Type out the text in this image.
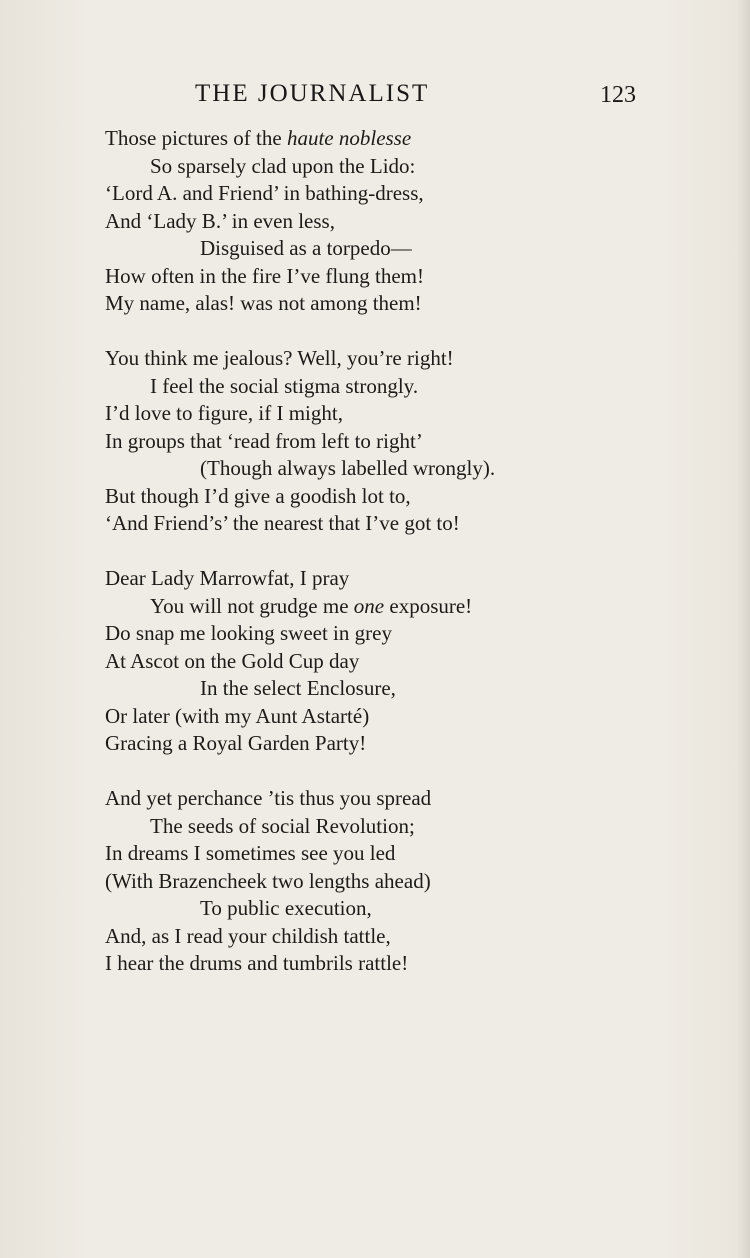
THE JOURNALIST	123
Those pictures of the haute noblesse
So sparsely clad upon the Lido:
‘Lord A. and Friend’ in bathing-dress,
And ‘Lady B.’ in even less,
Disguised as a torpedo—
How often in the fire I’ve flung them!
My name, alas! was not among them!
You think me jealous? Well, you’re right!
I feel the social stigma strongly.
I’d love to figure, if I might,
In groups that ‘read from left to right’
(Though always labelled wrongly).
But though I’d give a goodish lot to,
‘And Friend’s’ the nearest that I’ve got to!
Dear Lady Marrowfat, I pray
You will not grudge me one exposure!
Do snap me looking sweet in grey
At Ascot on the Gold Cup day
In the select Enclosure,
Or later (with my Aunt Astarté)
Gracing a Royal Garden Party!
And yet perchance ’tis thus you spread
The seeds of social Revolution;
In dreams I sometimes see you led
(With Brazencheek two lengths ahead)
To public execution,
And, as I read your childish tattle,
I hear the drums and tumbrils rattle!
